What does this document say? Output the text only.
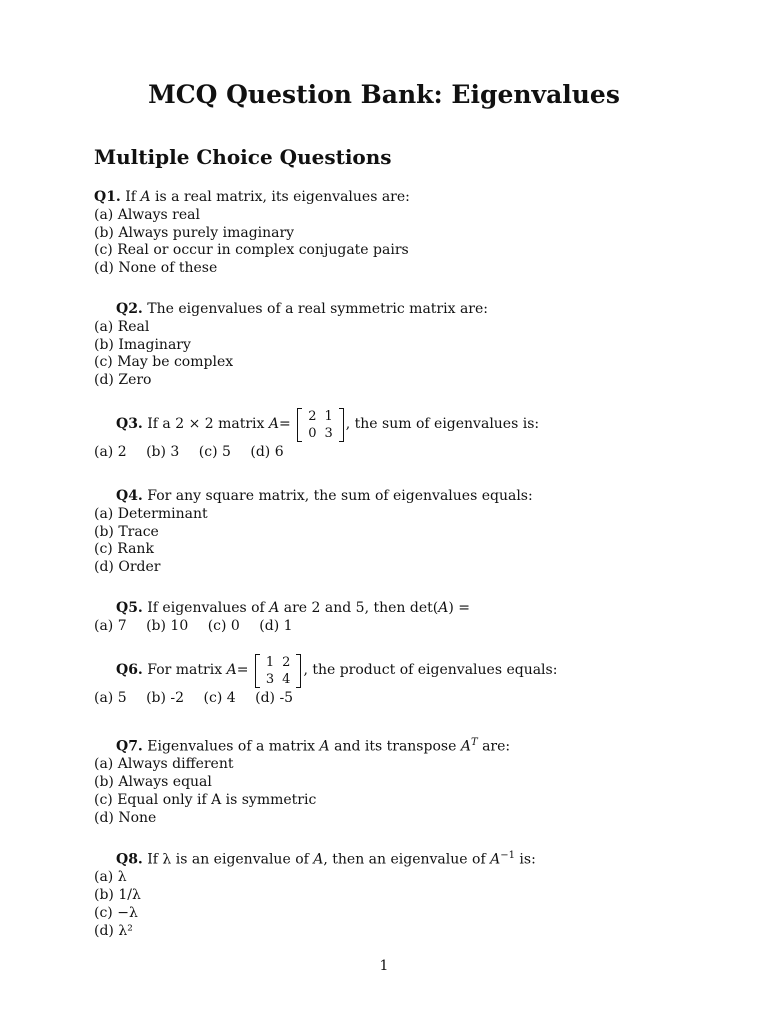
MCQ Question Bank: Eigenvalues
Multiple Choice Questions

Q1. If A is a real matrix, its eigenvalues are:

(a) Always real

(b) Always purely imaginary

(c) Real or occur in complex conjugate pairs

(d) None of these

Q2. The eigenvalues of a real symmetric matrix are:

(a) Real

(b) Imaginary

(c) May be complex

(d) Zero

Q3.
If a 2 × 2 matrix
A =
2	1
0	3
, the sum of eigenvalues is:

(a) 2 (b) 3 (c) 5 (d) 6

Q4. For any square matrix, the sum of eigenvalues equals:

(a) Determinant

(b) Trace

(c) Rank

(d) Order

Q5. If eigenvalues of A are 2 and 5, then det(A) =

(a) 7 (b) 10 (c) 0 (d) 1

Q6.
For matrix
A =
1	2
3	4
, the product of eigenvalues equals:

(a) 5 (b) -2 (c) 4 (d) -5

Q7. Eigenvalues of a matrix A and its transpose $A^T$ are:

(a) Always different

(b) Always equal

(c) Equal only if A is symmetric

(d) None

Q8. If λ is an eigenvalue of A, then an eigenvalue of $A^{-1}$ is:

(a) λ

(b) 1/λ

(c) −λ

(d) λ²

1
